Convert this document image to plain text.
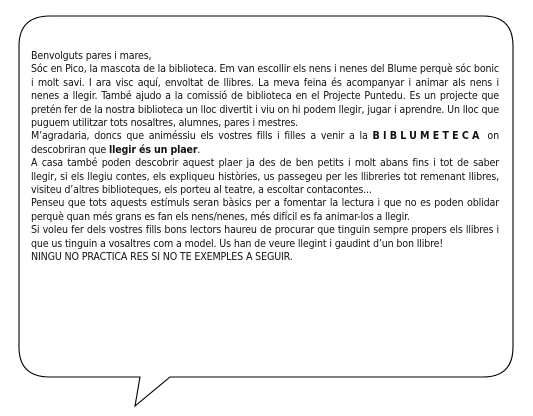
Benvolguts pares i mares,

Sóc en Pico, la mascota de la biblioteca. Em van escollir els nens i nenes del Blume perquè sóc bonic i molt savi. I ara visc aquí, envoltat de llibres. La meva feina és acompanyar i animar als nens i nenes a llegir. També ajudo a la comissió de biblioteca en el Projecte Puntedu. Es un projecte que pretén fer de la nostra biblioteca un lloc divertit i viu on hi podem llegir, jugar i aprendre. Un lloc que puguem utilitzar tots nosaltres, alumnes, pares i mestres.

M’agradaria, doncs que animéssiu els vostres fills i filles a venir a la BIBLUMETECA on descobriran que llegir és un plaer.

A casa també poden descobrir aquest plaer ja des de ben petits i molt abans fins i tot de saber llegir, si els llegiu contes, els expliqueu històries, us passegeu per les llibreries tot remenant llibres, visiteu d’altres biblioteques, els porteu al teatre, a escoltar contacontes...

Penseu que tots aquests estímuls seran bàsics per a fomentar la lectura i que no es poden oblidar perquè quan més grans es fan els nens/nenes, més difícil es fa animar-los a llegir.

Si voleu fer dels vostres fills bons lectors haureu de procurar que tinguin sempre propers els llibres i que us tinguin a vosaltres com a model. Us han de veure llegint i gaudint d’un bon llibre!

NINGU NO PRACTICA RES SI NO TE EXEMPLES A SEGUIR.
